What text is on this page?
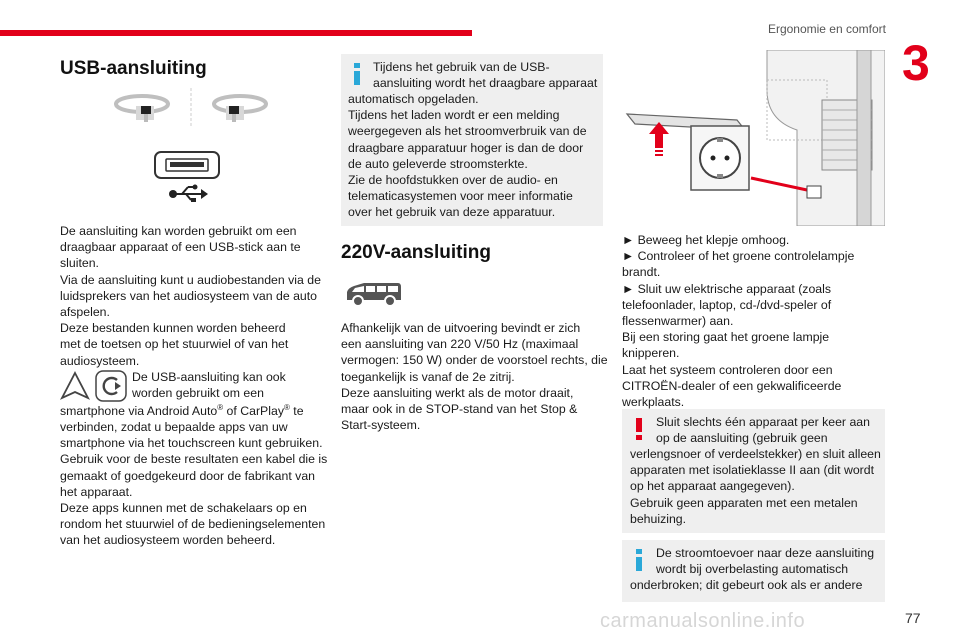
Ergonomie en comfort
3
USB-aansluiting

De aansluiting kan worden gebruikt om een

draagbaar apparaat of een USB-stick aan te

sluiten.

Via de aansluiting kunt u audiobestanden via de

luidsprekers van het audiosysteem van de auto

afspelen.

Deze bestanden kunnen worden beheerd

met de toetsen op het stuurwiel of van het

audiosysteem.

De USB-aansluiting kan ook

worden gebruikt om een

smartphone via Android Auto® of CarPlay® te

verbinden, zodat u bepaalde apps van uw

smartphone via het touchscreen kunt gebruiken.

Gebruik voor de beste resultaten een kabel die is

gemaakt of goedgekeurd door de fabrikant van

het apparaat.

Deze apps kunnen met de schakelaars op en

rondom het stuurwiel of de bedieningselementen

van het audiosysteem worden beheerd.

Tijdens het gebruik van de USB-

aansluiting wordt het draagbare apparaat

automatisch opgeladen.

Tijdens het laden wordt er een melding

weergegeven als het stroomverbruik van de

draagbare apparatuur hoger is dan de door

de auto geleverde stroomsterkte.

Zie de hoofdstukken over de audio- en

telematicasystemen voor meer informatie

over het gebruik van deze apparatuur.

220V-aansluiting

Afhankelijk van de uitvoering bevindt er zich

een aansluiting van 220 V/50 Hz (maximaal

vermogen: 150 W) onder de voorstoel rechts, die

toegankelijk is vanaf de 2e zitrij.

Deze aansluiting werkt als de motor draait,

maar ook in de STOP-stand van het Stop &

Start-systeem.

► Beweeg het klepje omhoog.

► Controleer of het groene controlelampje

brandt.

► Sluit uw elektrische apparaat (zoals

telefoonlader, laptop, cd-/dvd-speler of

flessenwarmer) aan.

Bij een storing gaat het groene lampje

knipperen.

Laat het systeem controleren door een

CITROËN-dealer of een gekwalificeerde

werkplaats.

Sluit slechts één apparaat per keer aan

op de aansluiting (gebruik geen

verlengsnoer of verdeelstekker) en sluit alleen

apparaten met isolatieklasse II aan (dit wordt

op het apparaat aangegeven).

Gebruik geen apparaten met een metalen

behuizing.

De stroomtoevoer naar deze aansluiting

wordt bij overbelasting automatisch

onderbroken; dit gebeurt ook als er andere

carmanualsonline.info	77
